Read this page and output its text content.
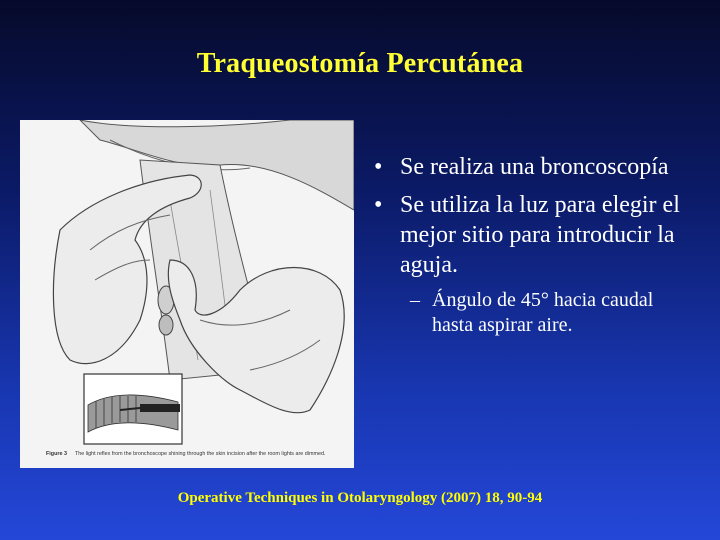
Traqueostomía Percutánea
Figure 3 The light reflex from the bronchoscope shining through the skin incision after the room lights are dimmed.
• Se realiza una broncoscopía
• Se utiliza la luz para elegir el mejor sitio para introducir la aguja.
– Ángulo de 45° hacia caudal hasta aspirar aire.
Operative Techniques in Otolaryngology (2007) 18, 90-94
